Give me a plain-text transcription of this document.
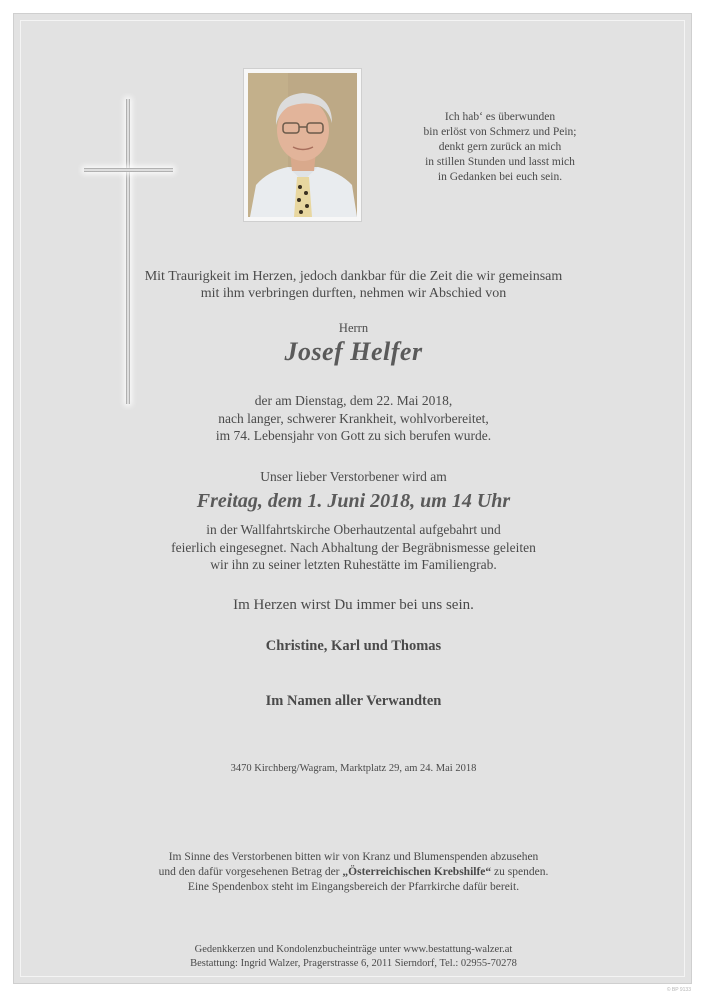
Ich hab‘ es überwunden
bin erlöst von Schmerz und Pein;
denkt gern zurück an mich
in stillen Stunden und lasst mich
in Gedanken bei euch sein.
Mit Traurigkeit im Herzen, jedoch dankbar für die Zeit die wir gemeinsam
mit ihm verbringen durften, nehmen wir Abschied von
Herrn
Josef Helfer
der am Dienstag, dem 22. Mai 2018,
nach langer, schwerer Krankheit, wohlvorbereitet,
im 74. Lebensjahr von Gott zu sich berufen wurde.
Unser lieber Verstorbener wird am
Freitag, dem 1. Juni 2018, um 14 Uhr
in der Wallfahrtskirche Oberhautzental aufgebahrt und
feierlich eingesegnet. Nach Abhaltung der Begräbnismesse geleiten
wir ihn zu seiner letzten Ruhestätte im Familiengrab.
Im Herzen wirst Du immer bei uns sein.
Christine, Karl und Thomas
Im Namen aller Verwandten
3470 Kirchberg/Wagram, Marktplatz 29, am 24. Mai 2018
Im Sinne des Verstorbenen bitten wir von Kranz und Blumenspenden abzusehen
und den dafür vorgesehenen Betrag der „Österreichischen Krebshilfe“ zu spenden.
Eine Spendenbox steht im Eingangsbereich der Pfarrkirche dafür bereit.
Gedenkkerzen und Kondolenzbucheinträge unter www.bestattung-walzer.at
Bestattung: Ingrid Walzer, Pragerstrasse 6, 2011 Sierndorf, Tel.: 02955-70278
© BP 9133
